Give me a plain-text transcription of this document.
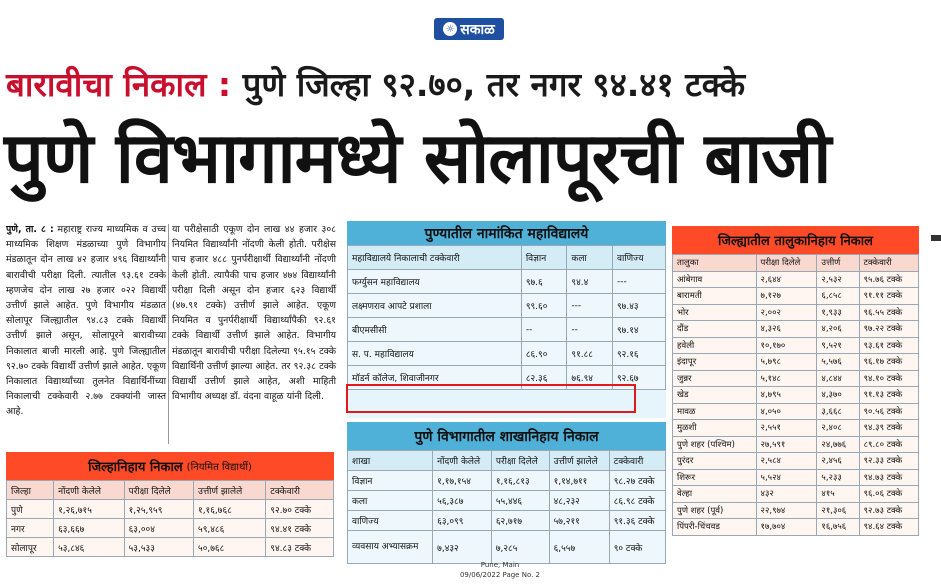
☼ सकाळ
बारावीचा निकाल : पुणे जिल्हा ९२.७०, तर नगर ९४.४१ टक्के
पुणे विभागामध्ये सोलापूरची बाजी
पुणे, ता. ८ : महाराष्ट्र राज्य माध्यमिक व उच्च माध्यमिक शिक्षण मंडळाच्या पुणे विभागीय मंडळातून दोन लाख ४२ हजार ४९६ विद्यार्थ्यांनी बारावीची परीक्षा दिली. त्यातील ९३.६१ टक्के म्हणजेच दोन लाख २७ हजार ०२२ विद्यार्थी उत्तीर्ण झाले आहेत. पुणे विभागीय मंडळात सोलापूर जिल्ह्यातील ९४.८३ टक्के विद्यार्थी उत्तीर्ण झाले असून, सोलापूरने बारावीच्या निकालात बाजी मारली आहे. पुणे जिल्ह्यातील ९२.७० टक्के विद्यार्थी उत्तीर्ण झाले आहेत. एकूण निकालात विद्यार्थ्यांच्या तुलनेत विद्यार्थिनींच्या निकालाची टक्केवारी २.७७ टक्क्यांनी जास्त आहे.
या परीक्षेसाठी एकूण दोन लाख ४४ हजार ३०८ नियमित विद्यार्थ्यांनी नोंदणी केली होती. परीक्षेस पाच हजार ४८८ पुनर्परीक्षार्थी विद्यार्थ्यांनी नोंदणी केली होती. त्यापैकी पाच हजार ४७४ विद्यार्थ्यांनी परीक्षा दिली असून दोन हजार ६२३ विद्यार्थी (४७.९१ टक्के) उत्तीर्ण झाले आहेत. एकूण नियमित व पुनर्परीक्षार्थी विद्यार्थ्यांपैकी ९२.६१ टक्के विद्यार्थी उत्तीर्ण झाले आहेत. विभागीय मंडळातून बारावीची परीक्षा दिलेल्या ९५.१५ टक्के विद्यार्थिनी उत्तीर्ण झाल्या आहेत. तर ९२.३८ टक्के विद्यार्थी उत्तीर्ण झाले आहेत, अशी माहिती विभागीय अध्यक्ष डॉ. वंदना वाहूळ यांनी दिली.
जिल्हानिहाय निकाल (नियमित विद्यार्थी)
जिल्हा	नोंदणी केलेले	परीक्षा दिलेले	उत्तीर्ण झालेले	टक्केवारी
पुणे	१,२६,७१५	१,२५,९५९	१,१६,७६८	९२.७० टक्के
नगर	६३,६६७	६३,००४	५९,४८६	९४.४१ टक्के
सोलापूर	५३,८४६	५३,५३३	५०,७६८	९४.८३ टक्के
पुण्यातील नामांकित महाविद्यालये
महाविद्यालये निकालाची टक्केवारी	विज्ञान	कला	वाणिज्य
फर्ग्युसन महाविद्यालय	९७.६	९४.४	---
लक्ष्मणराव आपटे प्रशाला	९९.६०	---	९७.४३
बीएमसीसी	--	--	९७.१४
स. प. महाविद्यालय	८६.९०	९१.८८	९२.१६
मॉडर्न कॉलेज, शिवाजीनगर	८२.३६	७६.९४	९२.६७
पुणे विभागातील शाखानिहाय निकाल
शाखा	नोंदणी केलेले	परीक्षा दिलेले	उत्तीर्ण झालेले	टक्केवारी
विज्ञान	१,१७,१५४	१,१६,८१३	१,१४,७११	९८.२७ टक्के
कला	५६,३८७	५५,४४६	४८,२३२	८६.९८ टक्के
वाणिज्य	६३,०९९	६२,७१७	५७,२११	९१.३६ टक्के
व्यवसाय अभ्यासक्रम	७,४३२	७,२८५	६,५५७	९० टक्के
जिल्ह्यातील तालुकानिहाय निकाल
तालुका	परीक्षा दिलेले	उत्तीर्ण	टक्केवारी
आंबेगाव	२,६४४	२,५३२	९५.७६ टक्के
बारामती	७,१२७	६,८५८	९१.११ टक्के
भोर	२,००२	१,९३३	९६.५५ टक्के
दौंड	४,३२६	४,२०६	९७.२२ टक्के
हवेली	१०,१७०	९,५२१	९३.६१ टक्के
इंदापूर	५,७९८	५,५७६	९६.१७ टक्के
जुन्नर	५,१४८	४,८४४	९४.१० टक्के
खेड	४,७९५	४,३७०	९१.१३ टक्के
मावळ	४,०५०	३,६६८	९०.५६ टक्के
मुळशी	२,५५१	२,४०८	९४.३९ टक्के
पुणे शहर (पश्चिम)	२७,५९१	२४,७७६	८९.८० टक्के
पुरंदर	२,५८४	२,४५६	९२.३३ टक्के
शिरूर	५,५२४	५,२३३	९४.७३ टक्के
वेल्हा	४३२	४१५	९६.०६ टक्के
पुणे शहर (पूर्व)	२२,९७४	२१,३०६	९२.७३ टक्के
पिंपरी-चिंचवड	१७,७०४	१६,७५६	९४.६४ टक्के
Pune, Main
09/06/2022 Page No. 2
